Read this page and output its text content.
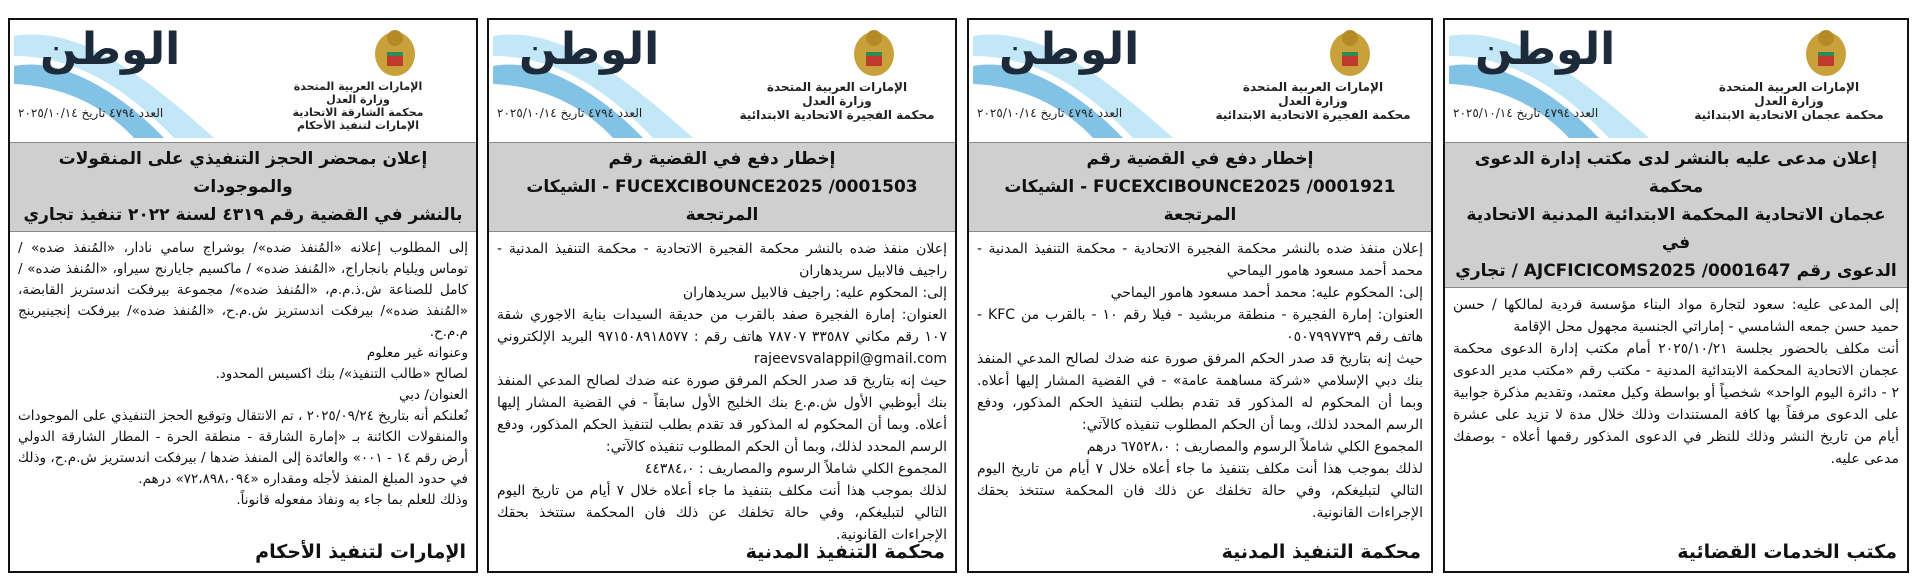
الوطن
العدد ٤٧٩٤ تاريخ ٢٠٢٥/١٠/١٤
الإمارات العربية المتحدة
وزارة العدل
محكمة عجمان الاتحادية الابتدائية
إعلان مدعى عليه بالنشر لدى مكتب إدارة الدعوى محكمة
عجمان الاتحادية المحكمة الابتدائية المدنية الاتحادية في
الدعوى رقم AJCFICICOMS2025 /0001647 / تجاري

إلى المدعى عليه: سعود لتجارة مواد البناء مؤسسة فردية لمالكها / حسن حميد حسن جمعه الشامسي - إماراتي الجنسية مجهول محل الإقامة

أنت مكلف بالحضور بجلسة ٢٠٢٥/١٠/٢١ أمام مكتب إدارة الدعوى محكمة عجمان الاتحادية المحكمة الابتدائية المدنية - مكتب رقم «مكتب مدير الدعوى ٢ - دائرة اليوم الواحد» شخصياً أو بواسطة وكيل معتمد، وتقديم مذكرة جوابية على الدعوى مرفقاً بها كافة المستندات وذلك خلال مدة لا تزيد على عشرة أيام من تاريخ النشر وذلك للنظر في الدعوى المذكور رقمها أعلاه - بوصفك مدعى عليه.

مكتب الخدمات القضائية
الوطن
العدد ٤٧٩٤ تاريخ ٢٠٢٥/١٠/١٤
الإمارات العربية المتحدة
وزارة العدل
محكمة الفجيرة الاتحادية الابتدائية
إخطار دفع في القضية رقم
FUCEXCIBOUNCE2025 /0001921 - الشيكات المرتجعة

إعلان منفذ ضده بالنشر محكمة الفجيرة الاتحادية - محكمة التنفيذ المدنية - محمد أحمد مسعود هامور اليماحي

إلى: المحكوم عليه: محمد أحمد مسعود هامور اليماحي

العنوان: إمارة الفجيرة - منطقة مربشيد - فيلا رقم ١٠ - بالقرب من KFC - هاتف رقم ٠٥٠٧٩٩٧٧٣٩

حيث إنه بتاريخ قد صدر الحكم المرفق صورة عنه ضدك لصالح المدعي المنفذ بنك دبي الإسلامي «شركة مساهمة عامة» - في القضية المشار إليها أعلاه. وبما أن المحكوم له المذكور قد تقدم بطلب لتنفيذ الحكم المذكور، ودفع الرسم المحدد لذلك، وبما أن الحكم المطلوب تنفيذه كالآتي:

المجموع الكلي شاملاً الرسوم والمصاريف : ٦٧٥٢٨،٠ درهم

لذلك بموجب هذا أنت مكلف بتنفيذ ما جاء أعلاه خلال ٧ أيام من تاريخ اليوم التالي لتبليغكم، وفي حالة تخلفك عن ذلك فان المحكمة ستتخذ بحقك الإجراءات القانونية.

محكمة التنفيذ المدنية
الوطن
العدد ٤٧٩٤ تاريخ ٢٠٢٥/١٠/١٤
الإمارات العربية المتحدة
وزارة العدل
محكمة الفجيرة الاتحادية الابتدائية
إخطار دفع في القضية رقم
FUCEXCIBOUNCE2025 /0001503 - الشيكات المرتجعة

إعلان منفذ ضده بالنشر محكمة الفجيرة الاتحادية - محكمة التنفيذ المدنية - راجيف فالابيل سريدهاران

إلى: المحكوم عليه: راجيف فالابيل سريدهاران

العنوان: إمارة الفجيرة صفد بالقرب من حديقة السيدات بناية الاجوري شقة ١٠٧ رقم مكاني ٣٣٥٨٧ ٧٨٧٠٧ هاتف رقم : ٩٧١٥٠٨٩١٨٥٧٧ البريد الإلكتروني rajeevsvalappil@gmail.com

حيث إنه بتاريخ قد صدر الحكم المرفق صورة عنه ضدك لصالح المدعي المنفذ بنك أبوظبي الأول ش.م.ع بنك الخليج الأول سابقاً - في القضية المشار إليها أعلاه. وبما أن المحكوم له المذكور قد تقدم بطلب لتنفيذ الحكم المذكور، ودفع الرسم المحدد لذلك، وبما أن الحكم المطلوب تنفيذه كالآتي:

المجموع الكلي شاملاً الرسوم والمصاريف : ٤٤٣٨٤،٠

لذلك بموجب هذا أنت مكلف بتنفيذ ما جاء أعلاه خلال ٧ أيام من تاريخ اليوم التالي لتبليغكم، وفي حالة تخلفك عن ذلك فان المحكمة ستتخذ بحقك الإجراءات القانونية.

محكمة التنفيذ المدنية
الوطن
العدد ٤٧٩٤ تاريخ ٢٠٢٥/١٠/١٤
الإمارات العربية المتحدة
وزارة العدل
محكمة الشارقة الاتحادية
الإمارات لتنفيذ الأحكام
إعلان بمحضر الحجز التنفيذي على المنقولات والموجودات
بالنشر في القضية رقم ٤٣١٩ لسنة ٢٠٢٢ تنفيذ تجاري

إلى المطلوب إعلانه «المُنفذ ضده»/ بوشراج سامي نادار، «المُنفذ ضده» / توماس ويليام بانجاراج، «المُنفذ ضده» / ماكسيم جايارنج سيراو، «المُنفذ ضده» / كامل للصناعة ش.ذ.م.م، «المُنفذ ضده»/ مجموعة بيرفكت اندستريز القابضة، «المُنفذ ضده»/ بيرفكت اندستريز ش.م.ح، «المُنفذ ضده»/ بيرفكت إنجينيرينج م.م.ح.

وعنوانه غير معلوم

لصالح «طالب التنفيذ»/ بنك اكسيس المحدود.

العنوان/ دبي

نُعلنكم أنه بتاريخ ٢٠٢٥/٠٩/٢٤ ، تم الانتقال وتوقيع الحجز التنفيذي على الموجودات والمنقولات الكائنة بـ «إمارة الشارقة - منطقة الحرة - المطار الشارقة الدولي أرض رقم ١٤ - ٠٠١» والعائدة إلى المنفذ ضدها / بيرفكت اندستريز ش.م.ح، وذلك في حدود المبلغ المنفذ لأجله ومقداره «٧٢،٨٩٨،٠٩٤» درهم.

وذلك للعلم بما جاء به ونفاذ مفعوله قانوناً.

الإمارات لتنفيذ الأحكام
